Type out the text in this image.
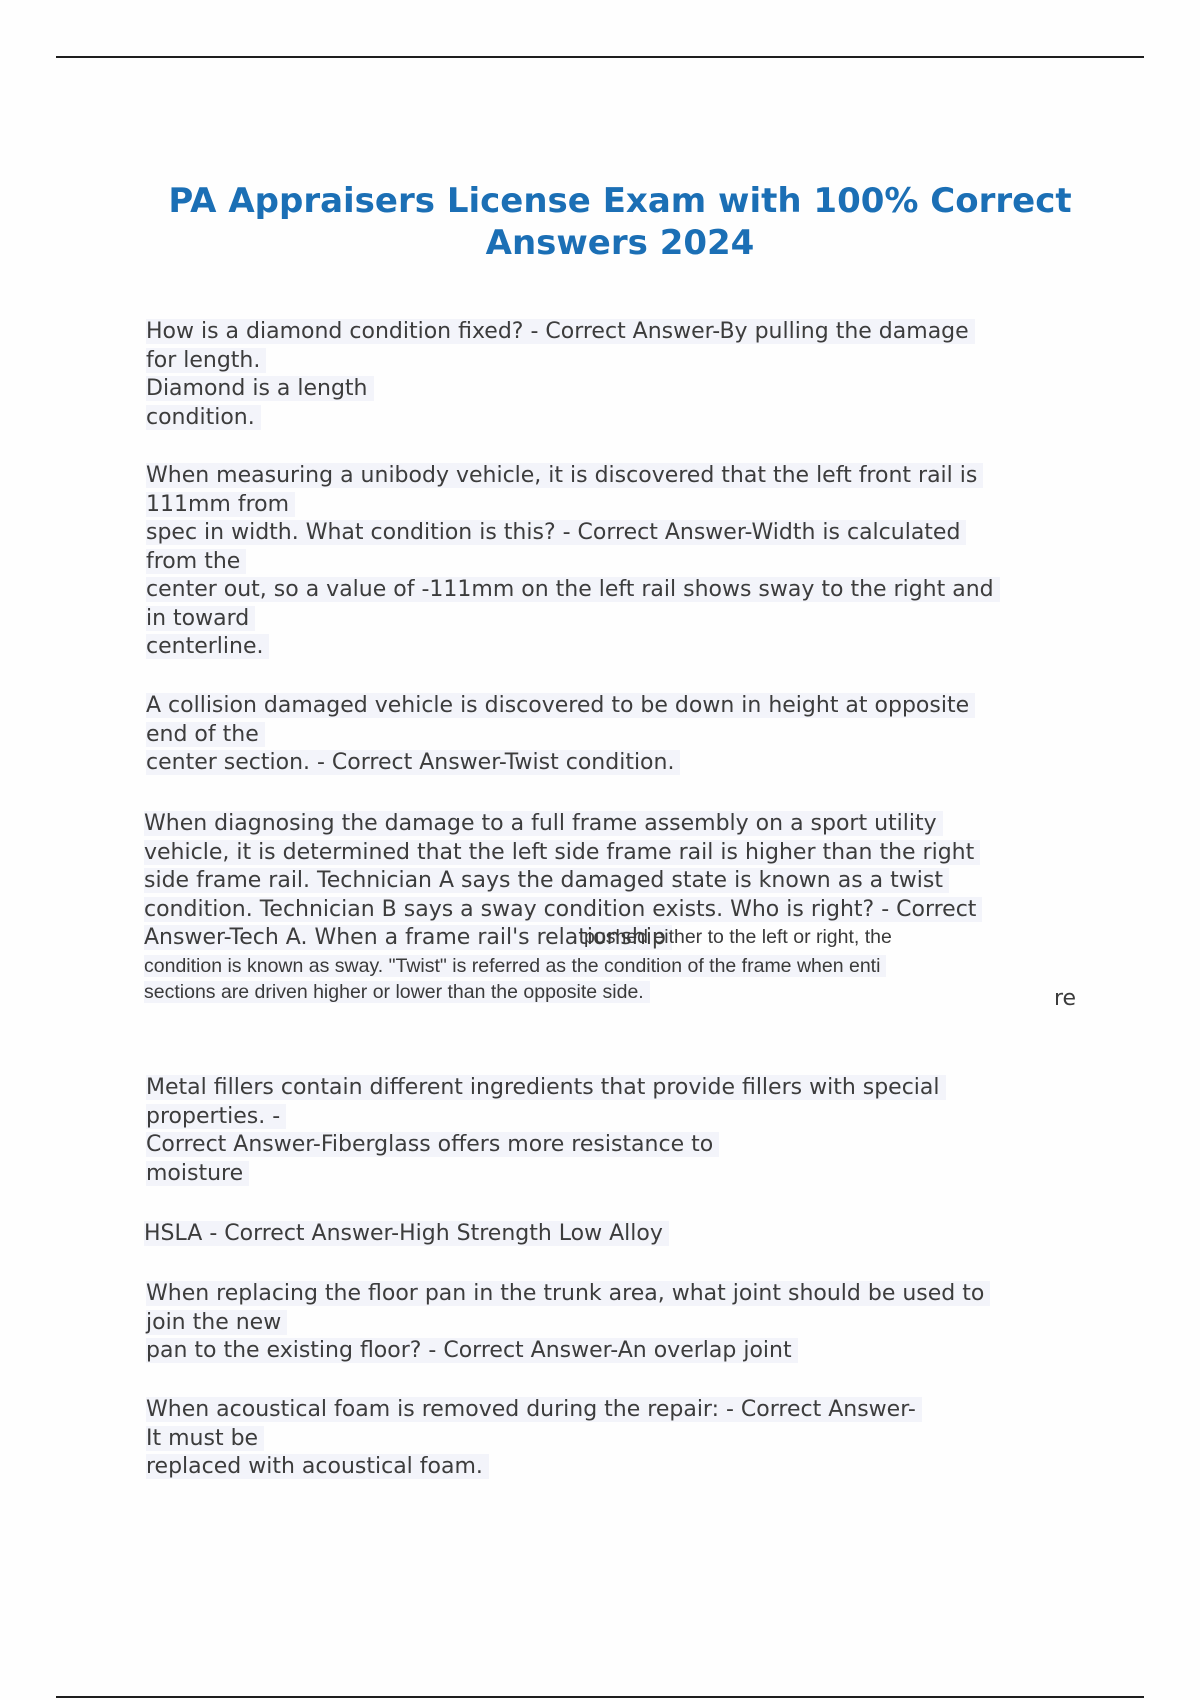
PA Appraisers License Exam with 100% Correct
Answers 2024
How is a diamond condition fixed? - Correct Answer-By pulling the damage
for length.
Diamond is a length
condition.
When measuring a unibody vehicle, it is discovered that the left front rail is
111mm from
spec in width. What condition is this? - Correct Answer-Width is calculated
from the
center out, so a value of -111mm on the left rail shows sway to the right and
in toward
centerline.
A collision damaged vehicle is discovered to be down in height at opposite
end of the
center section. - Correct Answer-Twist condition.
When diagnosing the damage to a full frame assembly on a sport utility
vehicle, it is determined that the left side frame rail is higher than the right
side frame rail. Technician A says the damaged state is known as a twist
condition. Technician B says a sway condition exists. Who is right? - Correct
Answer-Tech A. When a frame rail's relationship
condition is known as sway. "Twist" is referred as the condition of the frame when enti
sections are driven higher or lower than the opposite side.
pushed either to the left or right, the
re
Metal fillers contain different ingredients that provide fillers with special
properties. -
Correct Answer-Fiberglass offers more resistance to
moisture
HSLA - Correct Answer-High Strength Low Alloy
When replacing the floor pan in the trunk area, what joint should be used to
join the new
pan to the existing floor? - Correct Answer-An overlap joint
When acoustical foam is removed during the repair: - Correct Answer-
It must be
replaced with acoustical foam.
